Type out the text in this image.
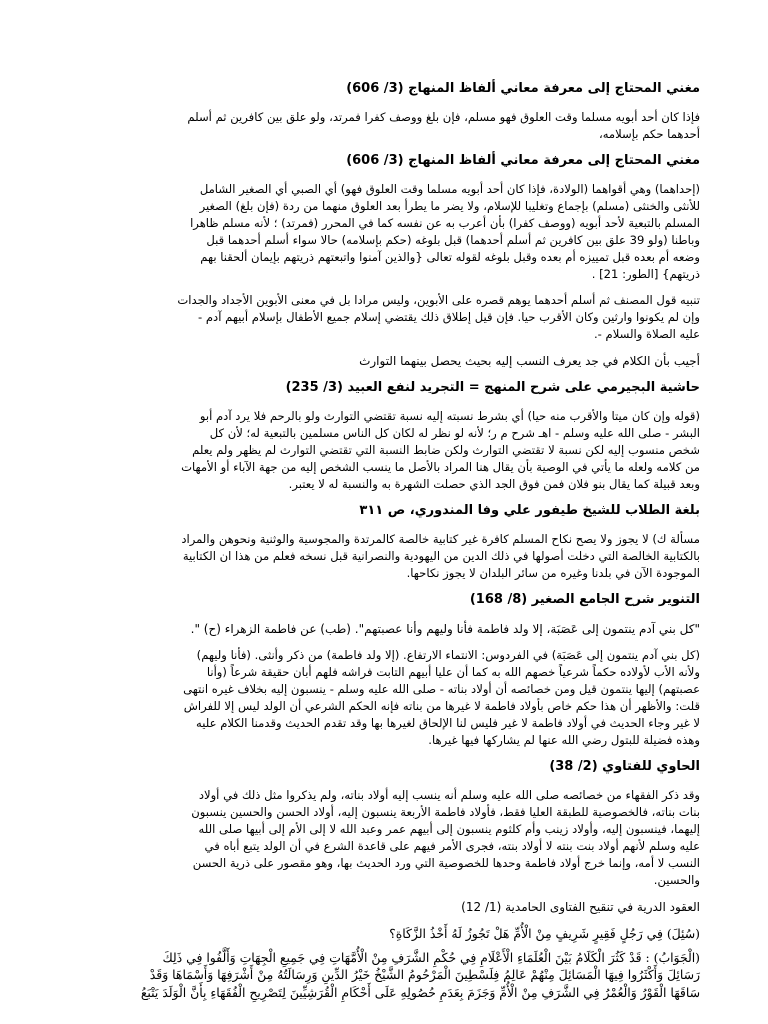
مغني المحتاج إلى معرفة معاني ألفاظ المنهاج (3/ 606)

فإذا كان أحد أبويه مسلما وقت العلوق فهو مسلم، فإن بلغ ووصف كفرا فمرتد، ولو علق بين كافرين ثم أسلم
أحدهما حكم بإسلامه،

مغني المحتاج إلى معرفة معاني ألفاظ المنهاج (3/ 606)

(إحداهما) وهي أقواهما (الولادة، فإذا كان أحد أبويه مسلما وقت العلوق فهو) أي الصبي أي الصغير الشامل
للأنثى والخنثى (مسلم) بإجماع وتغليبا للإسلام، ولا يضر ما يطرأ بعد العلوق منهما من ردة (فإن بلغ) الصغير
المسلم بالتبعية لأحد أبويه (ووصف كفرا) بأن أعرب به عن نفسه كما في المحرر (فمرتد) ؛ لأنه مسلم ظاهرا
وباطنا (ولو 39 علق بين كافرين ثم أسلم أحدهما) قبل بلوغه (حكم بإسلامه) حالا سواء أسلم أحدهما قبل
وضعه أم بعده قبل تمييزه أم بعده وقبل بلوغه لقوله تعالى {والذين آمنوا واتبعتهم ذريتهم بإيمان ألحقنا بهم
ذريتهم} [الطور: 21] .

تنبيه قول المصنف ثم أسلم أحدهما يوهم قصره على الأبوين، وليس مرادا بل في معنى الأبوين الأجداد والجدات
وإن لم يكونوا وارثين وكان الأقرب حيا. فإن قيل إطلاق ذلك يقتضي إسلام جميع الأطفال بإسلام أبيهم آدم -
عليه الصلاة والسلام -.

أجيب بأن الكلام في جد يعرف النسب إليه بحيث يحصل بينهما التوارث

حاشية البجيرمي على شرح المنهج = التجريد لنفع العبيد (3/ 235)

(قوله وإن كان ميتا والأقرب منه حيا) أي بشرط نسبته إليه نسبة تقتضي التوارث ولو بالرحم فلا يرد آدم أبو
البشر - صلى الله عليه وسلم - اهـ شرح م ر؛ لأنه لو نظر له لكان كل الناس مسلمين بالتبعية له؛ لأن كل
شخص منسوب إليه لكن نسبة لا تقتضي التوارث ولكن ضابط النسبة التي تقتضي التوارث لم يظهر ولم يعلم
من كلامه ولعله ما يأتي في الوصية بأن يقال هنا المراد بالأصل ما ينسب الشخص إليه من جهة الآباء أو الأمهات
وبعد قبيلة كما يقال بنو فلان فمن فوق الجد الذي حصلت الشهرة به والنسبة له لا يعتبر.

بلغة الطلاب للشيخ طيفور علي وفا المندوري، ص ٣١١

مسألة ك) لا يجوز ولا يصح نكاح المسلم كافرة غير كتابية خالصة كالمرتدة والمجوسية والوثنية ونحوهن والمراد
بالكتابية الخالصة التي دخلت أصولها في ذلك الدين من اليهودية والنصرانية قبل نسخه فعلم من هذا ان الكتابية
الموجودة الآن في بلدنا وغيره من سائر البلدان لا يجوز نكاحها.

التنوير شرح الجامع الصغير (8/ 168)

"كل بني آدم ينتمون إلى عَصَبَة، إلا ولد فاطمة فأنا وليهم وأنا عصبتهم". (طب) عن فاطمة الزهراء (ح) ".

(كل بني آدم ينتمون إلى عَصَبَة) في الفردوس: الانتماء الارتفاع. (إلا ولد فاطمة) من ذكر وأنثى. (فأنا وليهم)
ولأنه الأب لأولاده حكماً شرعياً خصهم الله به كما أن عليا أبيهم التابت فراشه فلهم أبان حقيقة شرعاً (وأنا
عصبتهم) إليها ينتمون قيل ومن خصائصه أن أولاد بناته - صلى الله عليه وسلم - ينسبون إليه بخلاف غيره انتهى
قلت: والأظهر أن هذا حكم خاص بأولاد فاطمة لا غيرها من بناته فإنه الحكم الشرعي أن الولد ليس إلا للفراش
لا غير وجاء الحديث في أولاد فاطمة لا غير فليس لنا الإلحاق لغيرها بها وقد تقدم الحديث وقدمنا الكلام عليه
وهذه فضيلة للبتول رضي الله عنها لم يشاركها فيها غيرها.

الحاوي للفتاوي (2/ 38)

وقد ذكر الفقهاء من خصائصه صلى الله عليه وسلم أنه ينسب إليه أولاد بناته، ولم يذكروا مثل ذلك في أولاد
بنات بناته، فالخصوصية للطبقة العليا فقط، فأولاد فاطمة الأربعة ينسبون إليه، أولاد الحسن والحسين ينسبون
إليهما، فينسبون إليه، وأولاد زينب وأم كلثوم ينسبون إلى أبيهم عمر وعبد الله لا إلى الأم إلى أبيها صلى الله
عليه وسلم لأنهم أولاد بنت بنته لا أولاد بنته، فجرى الأمر فيهم على قاعدة الشرع في أن الولد يتبع أباه في
النسب لا أمه، وإنما خرج أولاد فاطمة وحدها للخصوصية التي ورد الحديث بها، وهو مقصور على ذرية الحسن
والحسين.

العقود الدرية في تنقيح الفتاوى الحامدية (1/ 12)

(سُئِلَ) فِي رَجُلٍ فَقِيرٍ شَرِيفٍ مِنْ الْأُمِّ هَلْ تَجُوزُ لَهُ أَخْذُ الزَّكَاةِ؟

(الْجَوَابُ) : قَدْ كَثُرَ الْكَلَامُ بَيْنَ الْعُلَمَاءِ الْأَعْلَامِ فِي حُكْمِ الشَّرَفِ مِنْ الْأُمَّهَاتِ فِي جَمِيعِ الْجِهَاتِ وَأَلَّفُوا فِي ذَلِكَ
رَسَائِلَ وَأَكْثَرُوا فِيهَا الْمَسَائِلَ مِنْهُمْ عَالِمُ فِلَسْطِينَ الْمَرْحُومُ الشَّيْخُ خَيْرُ الدِّينِ وَرِسَالَتُهُ مِنْ أَشْرَفِهَا وَأَسْمَاهَا وَقَدْ
سَاقَهَا الْقَوْرُ وَالْعُمْرُ فِي الشَّرَفِ مِنْ الْأُمِّ وَجَزَمَ بِعَدَمِ حُصُولِهِ عَلَى أَحْكَامِ الْقُرَشِيِّينَ لِتَصْرِيحِ الْفُقَهَاءِ بِأَنَّ الْوَلَدَ يَتْبَعُ
